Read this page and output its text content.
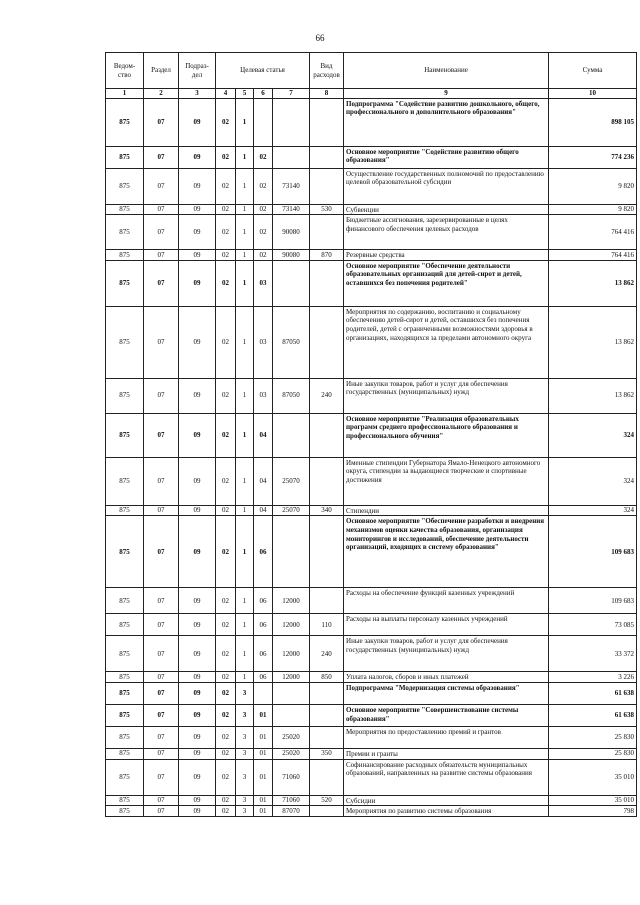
66
Ведом-ство	Раздел	Подраз-дел	Целевая статья				Вид расходов	Наименование	Сумма
1	2	3	4	5	6	7	8	9	10
875	07	09	02	1				Подпрограмма "Содействие развитию дошкольного, общего, профессионального и дополнительного образования"	898 105
875	07	09	02	1	02			Основное мероприятие "Содействие развитию общего образования"	774 236
875	07	09	02	1	02	73140		Осуществление государственных полномочий по предоставлению целевой образовательной субсидии	9 820
875	07	09	02	1	02	73140	530	Субвенции	9 820
875	07	09	02	1	02	90080		Бюджетные ассигнования, зарезервированные в целях финансового обеспечения целевых расходов	764 416
875	07	09	02	1	02	90080	870	Резервные средства	764 416
875	07	09	02	1	03			Основное мероприятие "Обеспечение деятельности образовательных организаций для детей-сирот и детей, оставшихся без попечения родителей"	13 862
875	07	09	02	1	03	87050		Мероприятия по содержанию, воспитанию и социальному обеспечению детей-сирот и детей, оставшихся без попечения родителей, детей с ограниченными возможностями здоровья в организациях, находящихся за пределами автономного округа	13 862
875	07	09	02	1	03	87050	240	Иные закупки товаров, работ и услуг для обеспечения государственных (муниципальных) нужд	13 862
875	07	09	02	1	04			Основное мероприятие "Реализация образовательных программ среднего профессионального образования и профессионального обучения"	324
875	07	09	02	1	04	25070		Именные стипендии Губернатора Ямало-Ненецкого автономного округа, стипендии за выдающиеся творческие и спортивные достижения	324
875	07	09	02	1	04	25070	340	Стипендии	324
875	07	09	02	1	06			Основное мероприятие "Обеспечение разработки и внедрения механизмов оценки качества образования, организация мониторингов и исследований, обеспечение деятельности организаций, входящих в систему образования"	109 683
875	07	09	02	1	06	12000		Расходы на обеспечение функций казенных учреждений	109 683
875	07	09	02	1	06	12000	110	Расходы на выплаты персоналу казенных учреждений	73 085
875	07	09	02	1	06	12000	240	Иные закупки товаров, работ и услуг для обеспечения государственных (муниципальных) нужд	33 372
875	07	09	02	1	06	12000	850	Уплата налогов, сборов и иных платежей	3 226
875	07	09	02	3				Подпрограмма "Модернизация системы образования"	61 638
875	07	09	02	3	01			Основное мероприятие "Совершенствование системы образования"	61 638
875	07	09	02	3	01	25020		Мероприятия по предоставлению премий и грантов	25 830
875	07	09	02	3	01	25020	350	Премии и гранты	25 830
875	07	09	02	3	01	71060		Софинансирование расходных обязательств муниципальных образований, направленных на развитие системы образования	35 010
875	07	09	02	3	01	71060	520	Субсидии	35 010
875	07	09	02	3	01	87070		Мероприятия по развитию системы образования	798
